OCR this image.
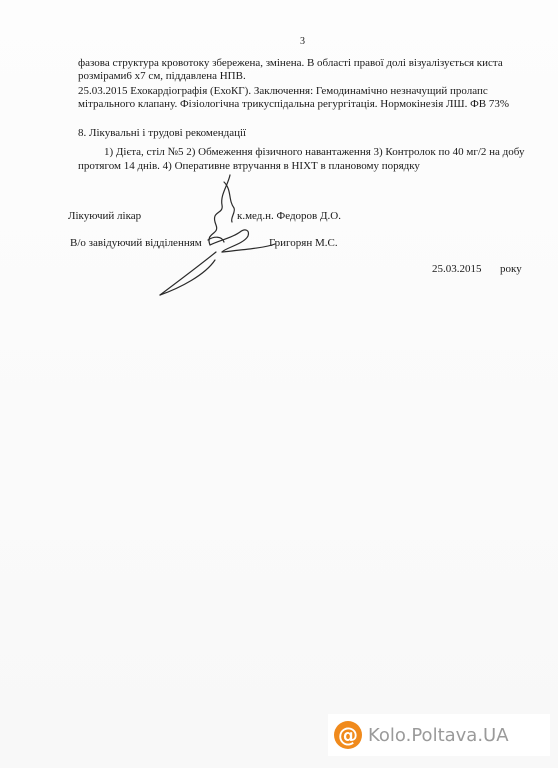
3
фазова структура кровотоку збережена, змінена. В області правої долі візуалізується киста
розмірами6 х7 см, піддавлена НПВ.
25.03.2015 Ехокардіографія (ЕхоКГ). Заключення: Гемодинамічно незначущий пролапс
мітрального клапану. Фізіологічна трикуспідальна регургітація. Нормокінезія ЛШ. ФВ 73%
8. Лікувальні і трудові рекомендації
1) Дієта, стіл №5 2) Обмеження фізичного навантаження 3) Контролок по 40 мг/2 на добу
протягом 14 днів. 4) Оперативне втручання в НІХТ в плановому порядку
Лікуючий лікар	к.мед.н. Федоров Д.О.
В/о завідуючий відділенням	Григорян М.С.
25.03.2015 року
@ Kolo.Poltava.UA
